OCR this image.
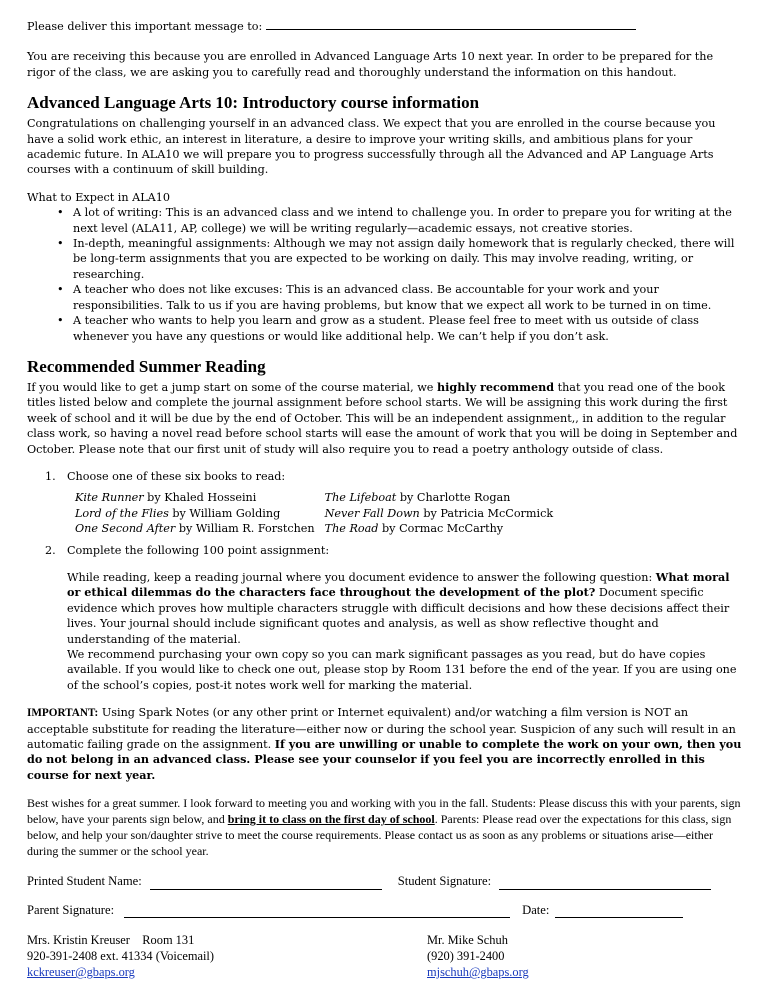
Please deliver this important message to:

You are receiving this because you are enrolled in Advanced Language Arts 10 next year. In order to be prepared for the rigor of the class, we are asking you to carefully read and thoroughly understand the information on this handout.

Advanced Language Arts 10: Introductory course information

Congratulations on challenging yourself in an advanced class. We expect that you are enrolled in the course because you have a solid work ethic, an interest in literature, a desire to improve your writing skills, and ambitious plans for your academic future. In ALA10 we will prepare you to progress successfully through all the Advanced and AP Language Arts courses with a continuum of skill building.

What to Expect in ALA10

• A lot of writing: This is an advanced class and we intend to challenge you. In order to prepare you for writing at the next level (ALA11, AP, college) we will be writing regularly—academic essays, not creative stories.
• In-depth, meaningful assignments: Although we may not assign daily homework that is regularly checked, there will be long-term assignments that you are expected to be working on daily. This may involve reading, writing, or researching.
• A teacher who does not like excuses: This is an advanced class. Be accountable for your work and your responsibilities. Talk to us if you are having problems, but know that we expect all work to be turned in on time.
• A teacher who wants to help you learn and grow as a student. Please feel free to meet with us outside of class whenever you have any questions or would like additional help. We can’t help if you don’t ask.
Recommended Summer Reading

If you would like to get a jump start on some of the course material, we highly recommend that you read one of the book titles listed below and complete the journal assignment before school starts. We will be assigning this work during the first week of school and it will be due by the end of October. This will be an independent assignment,, in addition to the regular class work, so having a novel read before school starts will ease the amount of work that you will be doing in September and October. Please note that our first unit of study will also require you to read a poetry anthology outside of class.

1. Choose one of these six books to read:
Kite Runner by Khaled Hosseini
Lord of the Flies by William Golding
One Second After by William R. Forstchen
The Lifeboat by Charlotte Rogan
Never Fall Down by Patricia McCormick
The Road by Cormac McCarthy
2. Complete the following 100 point assignment:

While reading, keep a reading journal where you document evidence to answer the following question: What moral or ethical dilemmas do the characters face throughout the development of the plot? Document specific evidence which proves how multiple characters struggle with difficult decisions and how these decisions affect their lives. Your journal should include significant quotes and analysis, as well as show reflective thought and understanding of the material.

We recommend purchasing your own copy so you can mark significant passages as you read, but do have copies available. If you would like to check one out, please stop by Room 131 before the end of the year. If you are using one of the school’s copies, post-it notes work well for marking the material.

IMPORTANT: Using Spark Notes (or any other print or Internet equivalent) and/or watching a film version is NOT an acceptable substitute for reading the literature—either now or during the school year. Suspicion of any such will result in an automatic failing grade on the assignment. If you are unwilling or unable to complete the work on your own, then you do not belong in an advanced class. Please see your counselor if you feel you are incorrectly enrolled in this course for next year.

Best wishes for a great summer. I look forward to meeting you and working with you in the fall. Students: Please discuss this with your parents, sign below, have your parents sign below, and bring it to class on the first day of school. Parents: Please read over the expectations for this class, sign below, and help your son/daughter strive to meet the course requirements. Please contact us as soon as any problems or situations arise—either during the summer or the school year.

Printed Student Name:	Student Signature:
Parent Signature:	Date:
Mrs. Kristin Kreuser    Room 131
920-391-2408 ext. 41334 (Voicemail)
kckreuser@gbaps.org
Mr. Mike Schuh
(920) 391-2400
mjschuh@gbaps.org
